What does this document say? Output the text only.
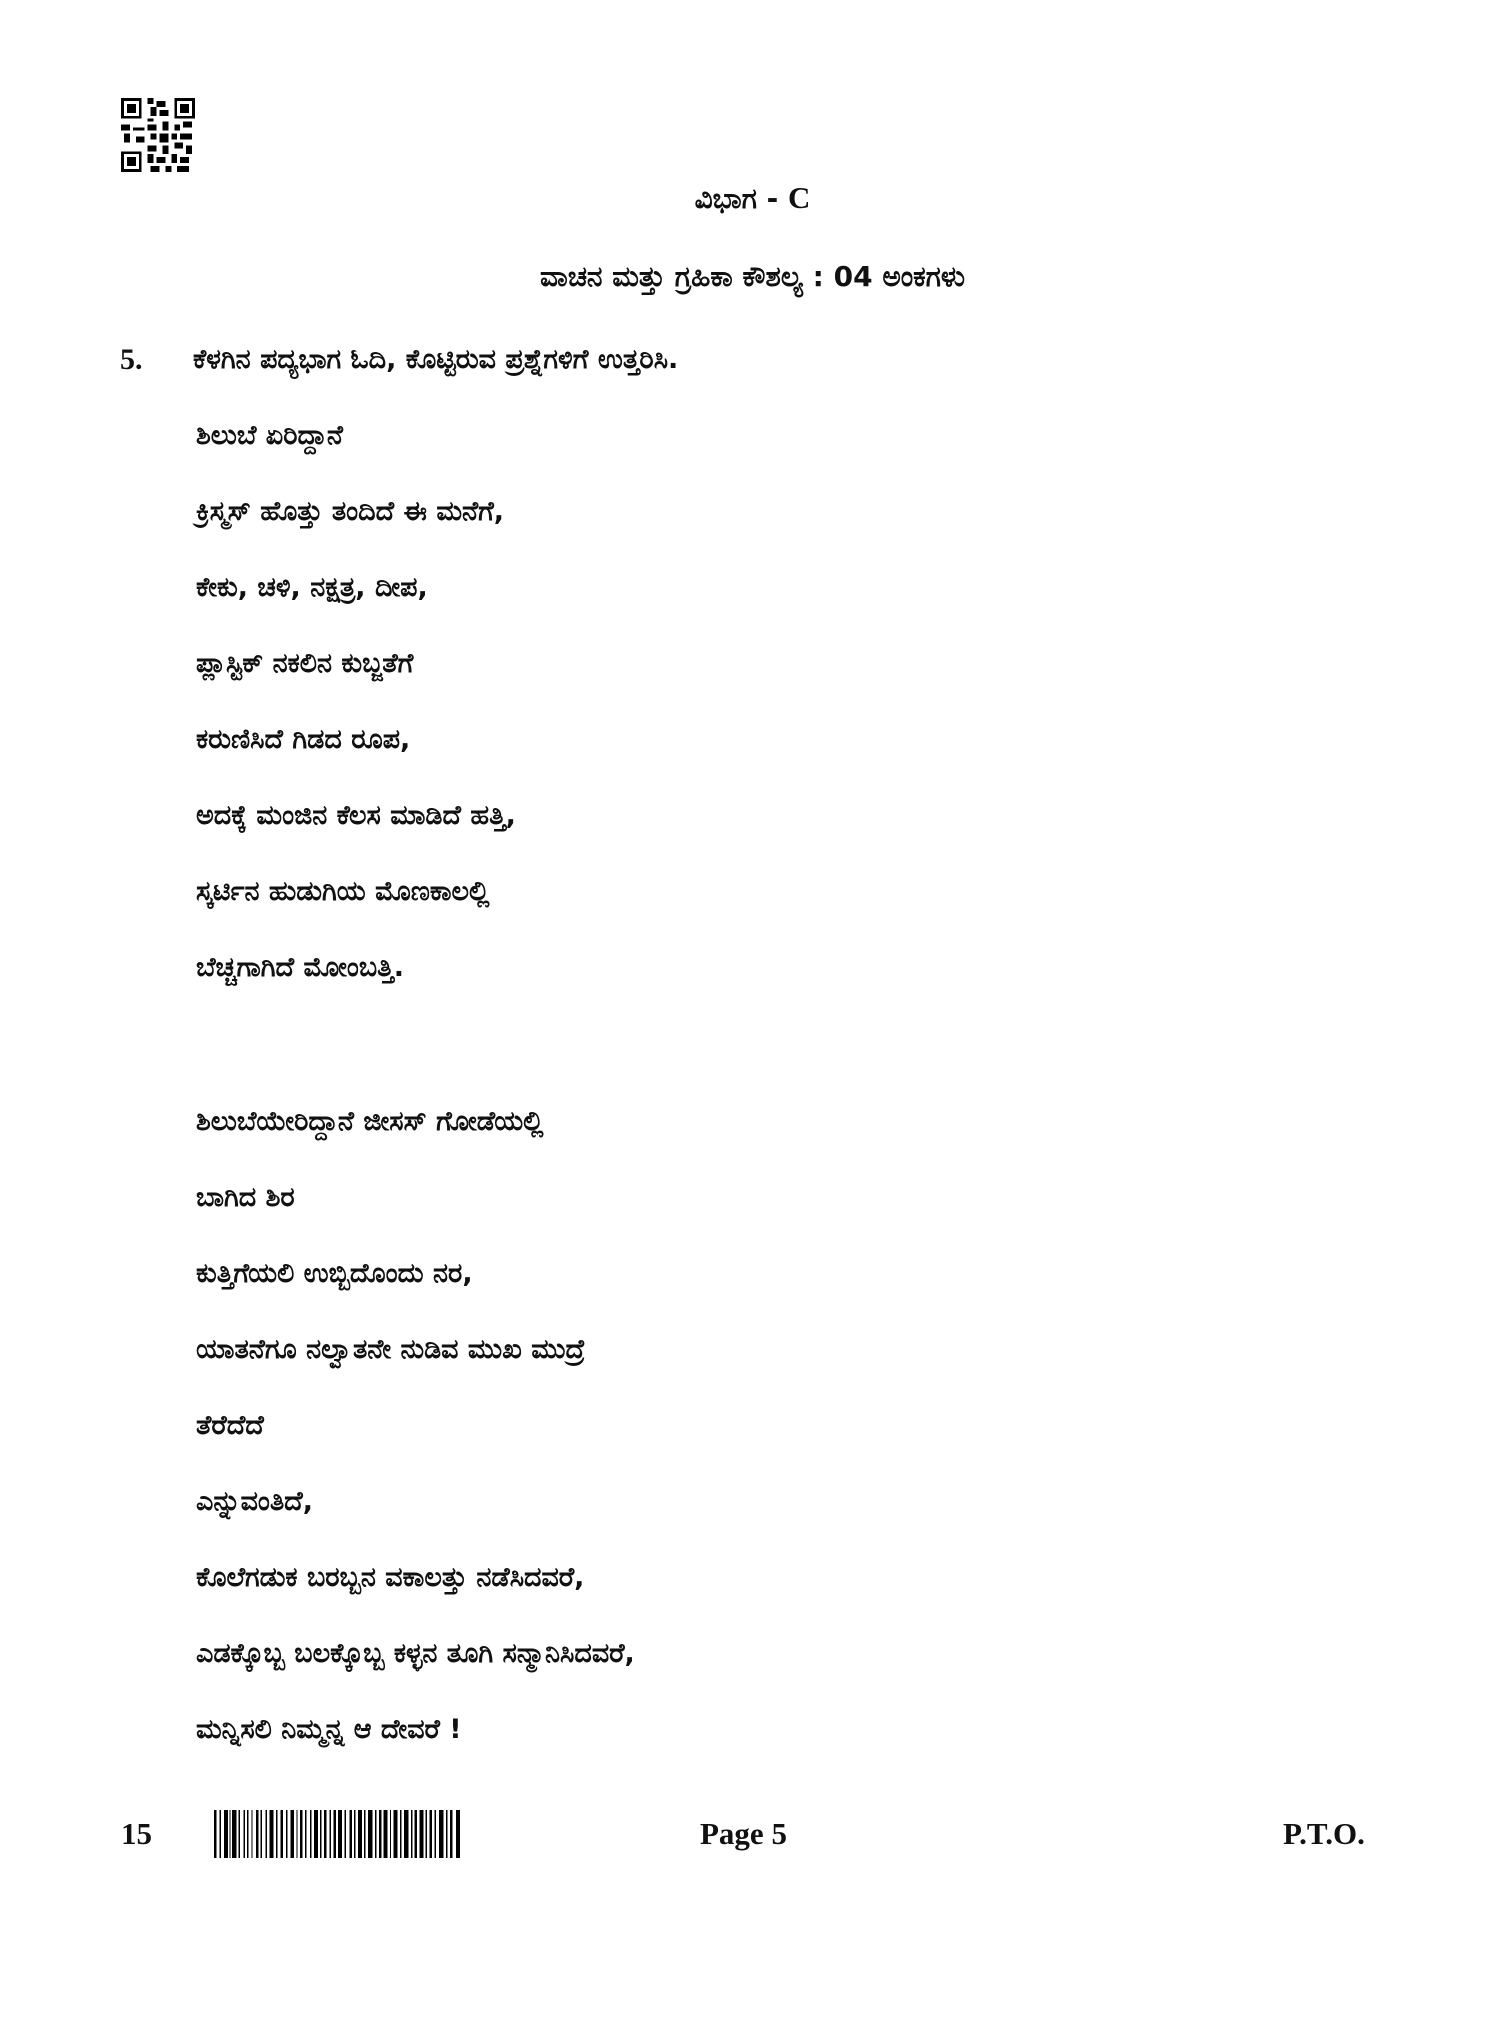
ವಿಭಾಗ - C
ವಾಚನ ಮತ್ತು ಗ್ರಹಿಕಾ ಕೌಶಲ್ಯ : 04 ಅಂಕಗಳು
5. ಕೆಳಗಿನ ಪದ್ಯಭಾಗ ಓದಿ, ಕೊಟ್ಟಿರುವ ಪ್ರಶ್ನೆಗಳಿಗೆ ಉತ್ತರಿಸಿ.
ಶಿಲುಬೆ ಏರಿದ್ದಾನೆ
ಕ್ರಿಸ್ಮಸ್ ಹೊತ್ತು ತಂದಿದೆ ಈ ಮನೆಗೆ,
ಕೇಕು, ಚಳಿ, ನಕ್ಷತ್ರ, ದೀಪ,
ಪ್ಲಾಸ್ಟಿಕ್ ನಕಲಿನ ಕುಬ್ಜತೆಗೆ
ಕರುಣಿಸಿದೆ ಗಿಡದ ರೂಪ,
ಅದಕ್ಕೆ ಮಂಜಿನ ಕೆಲಸ ಮಾಡಿದೆ ಹತ್ತಿ,
ಸ್ಕರ್ಟಿನ ಹುಡುಗಿಯ ಮೊಣಕಾಲಲ್ಲಿ
ಬೆಚ್ಚಗಾಗಿದೆ ಮೋಂಬತ್ತಿ.
ಶಿಲುಬೆಯೇರಿದ್ದಾನೆ ಜೀಸಸ್ ಗೋಡೆಯಲ್ಲಿ
ಬಾಗಿದ ಶಿರ
ಕುತ್ತಿಗೆಯಲಿ ಉಬ್ಬಿದೊಂದು ನರ,
ಯಾತನೆಗೂ ನಲ್ವಾತನೇ ನುಡಿವ ಮುಖ ಮುದ್ರೆ
ತೆರೆದೆದೆ
ಎನ್ನುವಂತಿದೆ,
ಕೊಲೆಗಡುಕ ಬರಬ್ಬನ ವಕಾಲತ್ತು ನಡೆಸಿದವರೆ,
ಎಡಕ್ಕೊಬ್ಬ ಬಲಕ್ಕೊಬ್ಬ ಕಳ್ಳನ ತೂಗಿ ಸನ್ಮಾನಿಸಿದವರೆ,
ಮನ್ನಿಸಲಿ ನಿಮ್ಮನ್ನ ಆ ದೇವರೆ !
15	Page 5	P.T.O.
